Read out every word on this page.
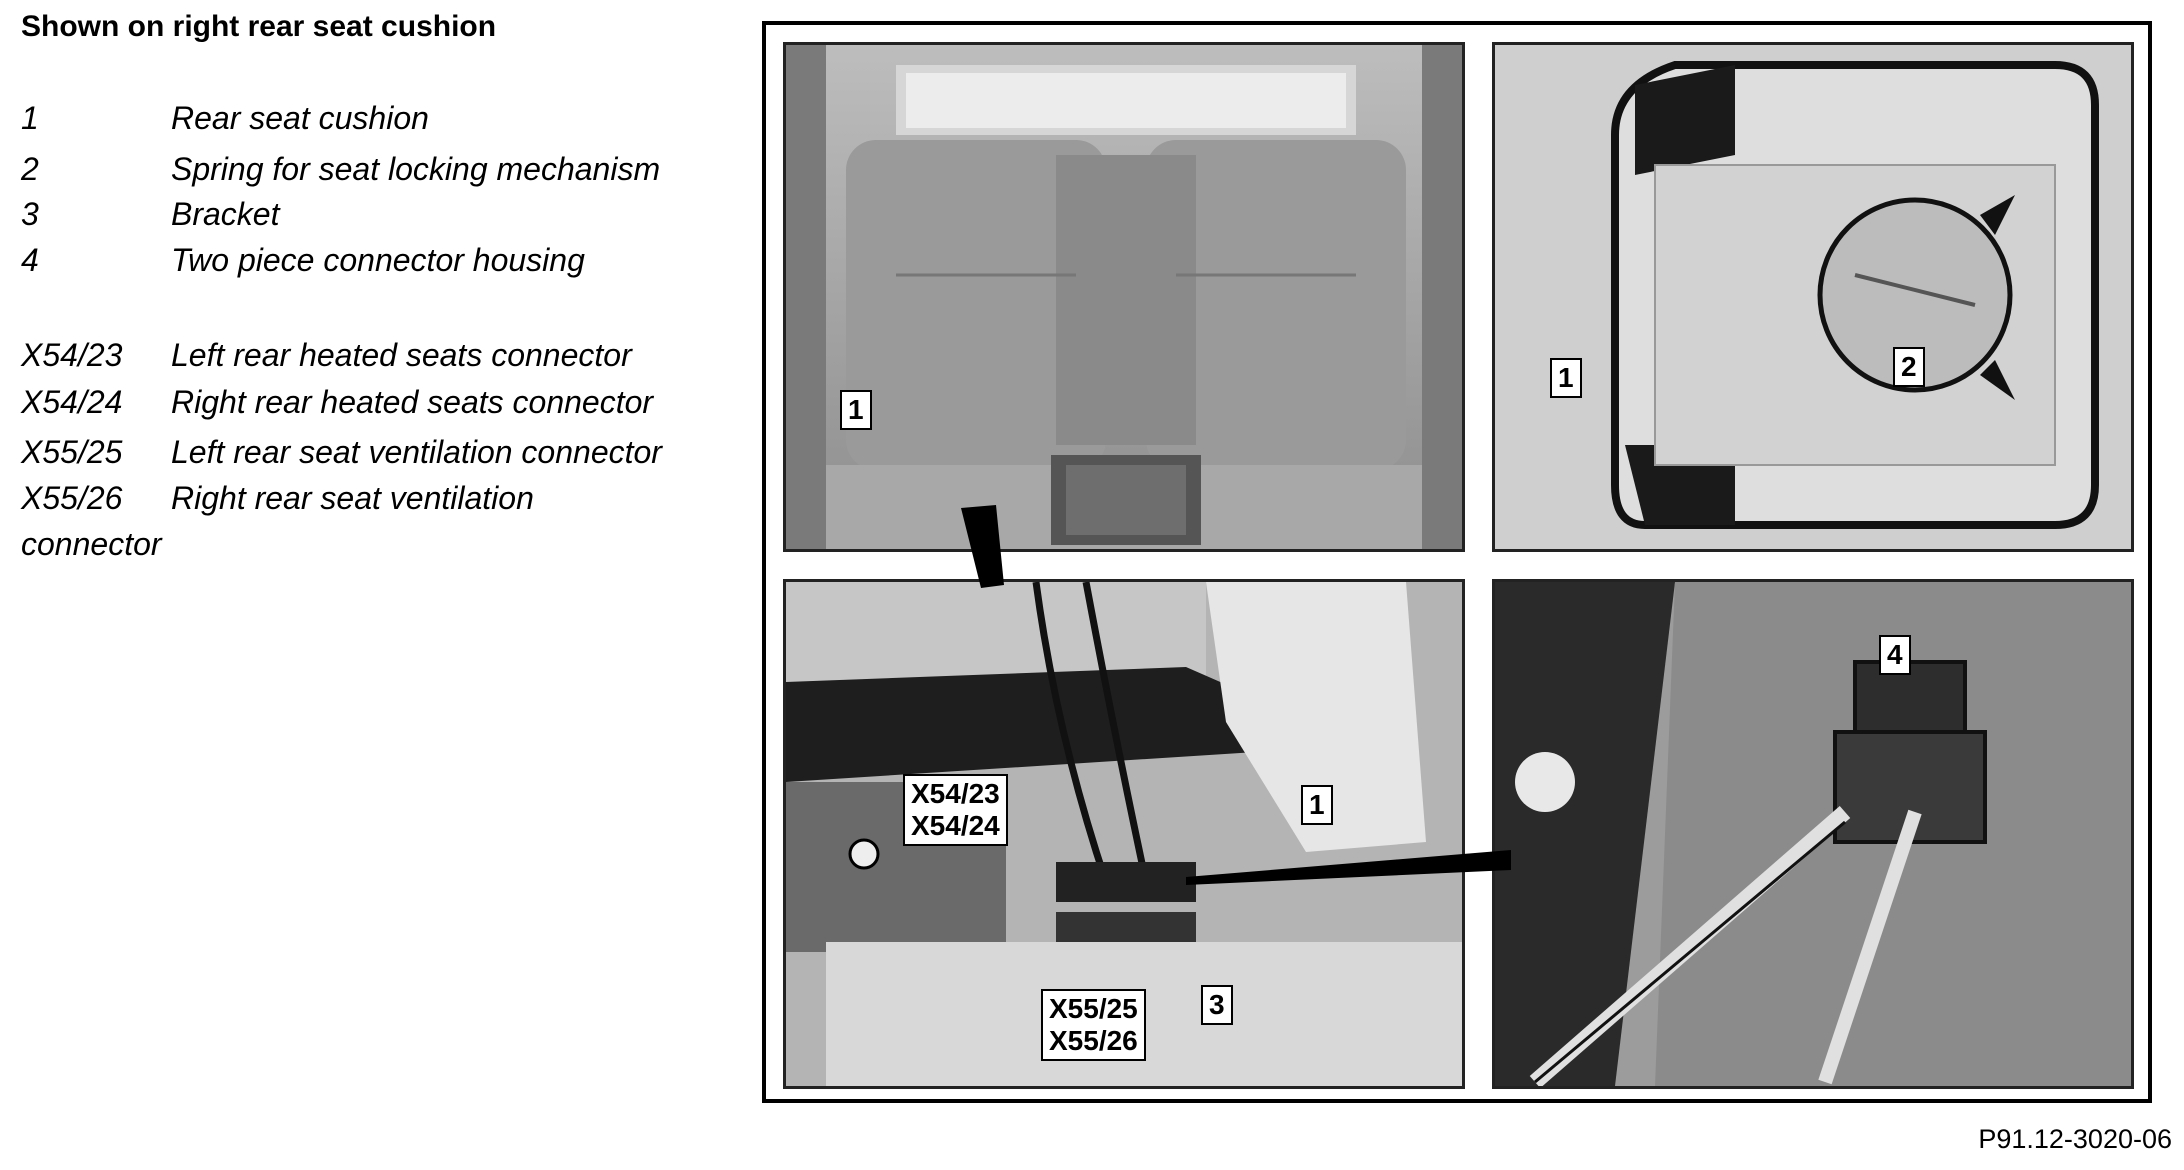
Shown on right rear seat cushion
1	Rear seat cushion
2	Spring for seat locking mechanism
3	Bracket
4	Two piece connector housing
X54/23 Left rear heated seats connector
X54/24 Right rear heated seats connector
X55/25 Left rear seat ventilation connector
X55/26 Right rear seat ventilation
connector
1
1	2
X54/23
X54/24
1
3
X55/25
X55/26
4
P91.12-3020-06
